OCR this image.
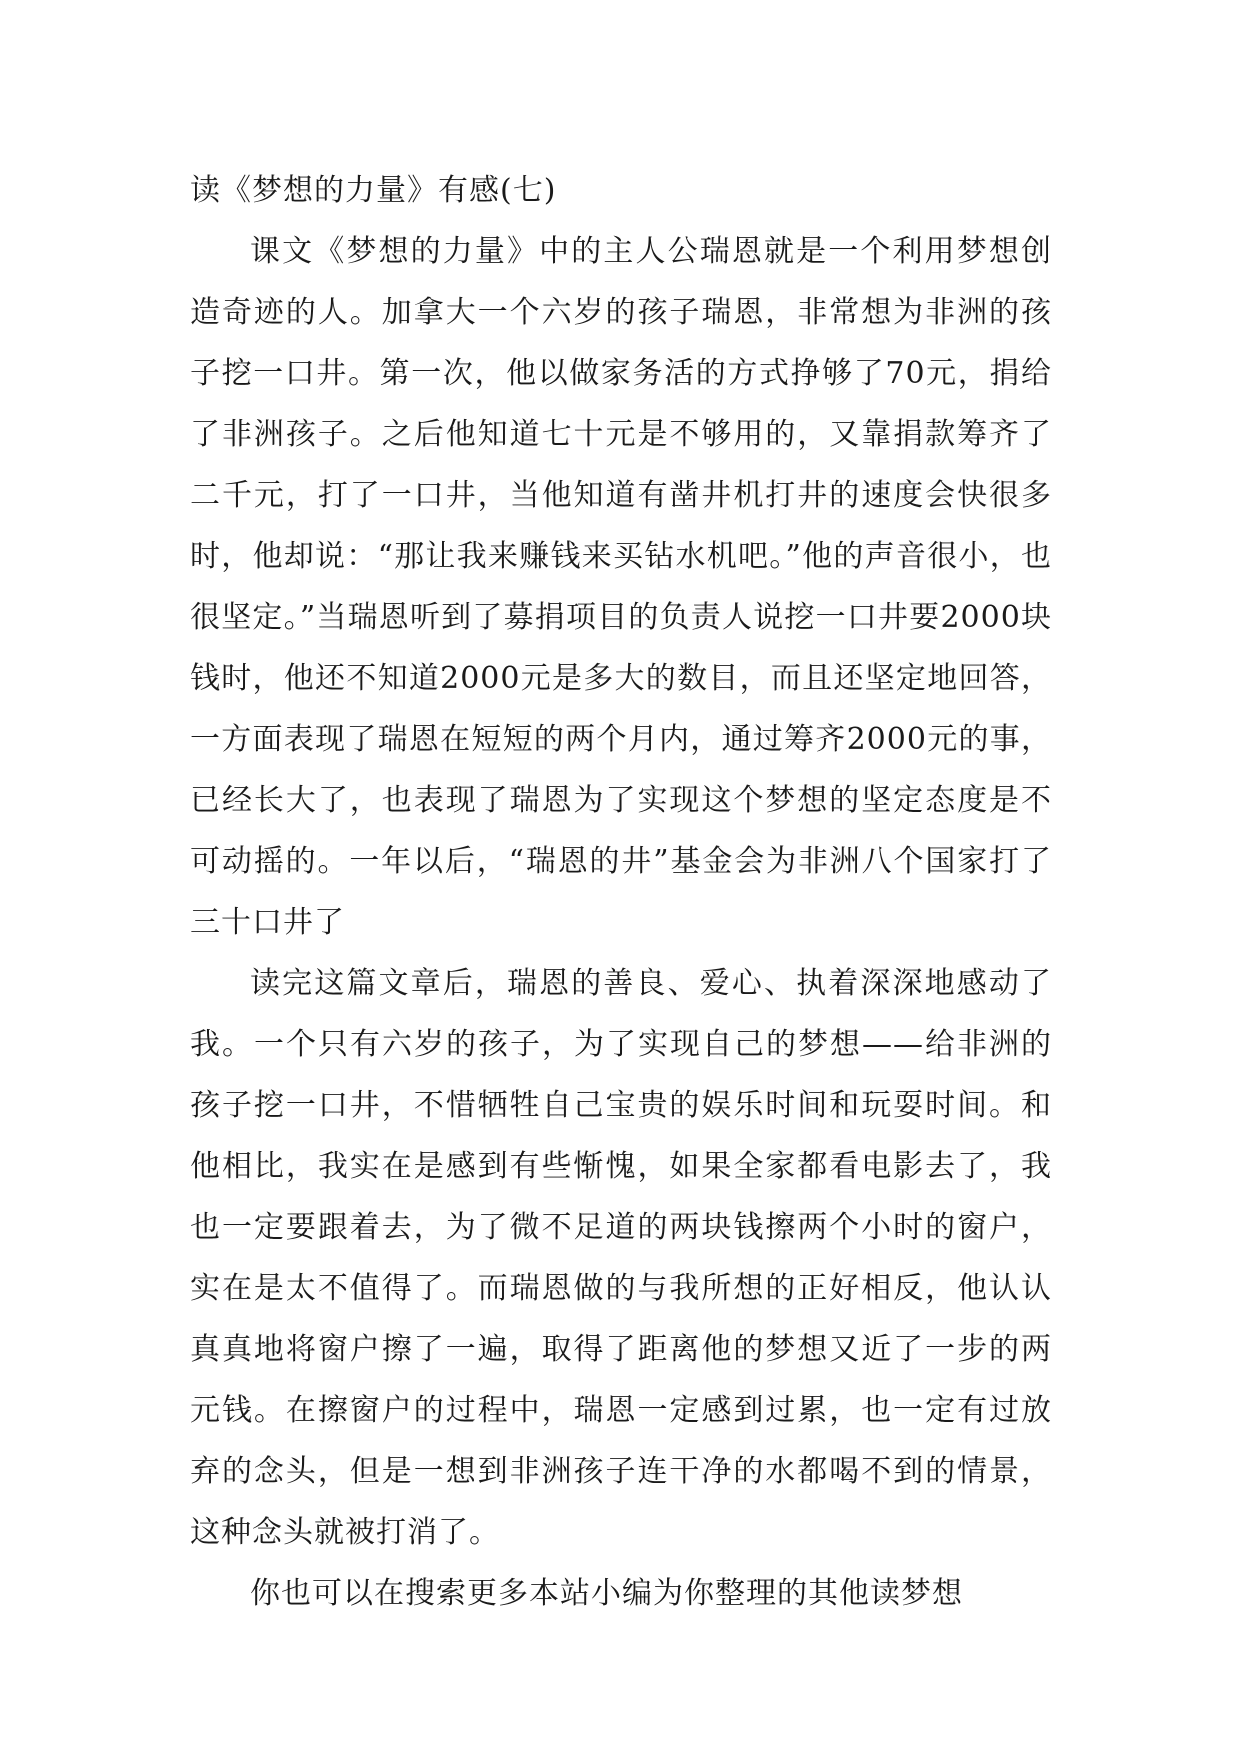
读《梦想的力量》有感(七)

课文《梦想的力量》中的主人公瑞恩就是一个利用梦想创造奇迹的人。加拿大一个六岁的孩子瑞恩，非常想为非洲的孩子挖一口井。第一次，他以做家务活的方式挣够了70元，捐给了非洲孩子。之后他知道七十元是不够用的，又靠捐款筹齐了二千元，打了一口井，当他知道有凿井机打井的速度会快很多时，他却说：“那让我来赚钱来买钻水机吧。”他的声音很小，也很坚定。”当瑞恩听到了募捐项目的负责人说挖一口井要2000块钱时，他还不知道2000元是多大的数目，而且还坚定地回答，一方面表现了瑞恩在短短的两个月内，通过筹齐2000元的事，已经长大了，也表现了瑞恩为了实现这个梦想的坚定态度是不可动摇的。一年以后，“瑞恩的井”基金会为非洲八个国家打了三十口井了

读完这篇文章后，瑞恩的善良、爱心、执着深深地感动了我。一个只有六岁的孩子，为了实现自己的梦想——给非洲的孩子挖一口井，不惜牺牲自己宝贵的娱乐时间和玩耍时间。和他相比，我实在是感到有些惭愧，如果全家都看电影去了，我也一定要跟着去，为了微不足道的两块钱擦两个小时的窗户，实在是太不值得了。而瑞恩做的与我所想的正好相反，他认认真真地将窗户擦了一遍，取得了距离他的梦想又近了一步的两元钱。在擦窗户的过程中，瑞恩一定感到过累，也一定有过放弃的念头，但是一想到非洲孩子连干净的水都喝不到的情景，这种念头就被打消了。

你也可以在搜索更多本站小编为你整理的其他读梦想
